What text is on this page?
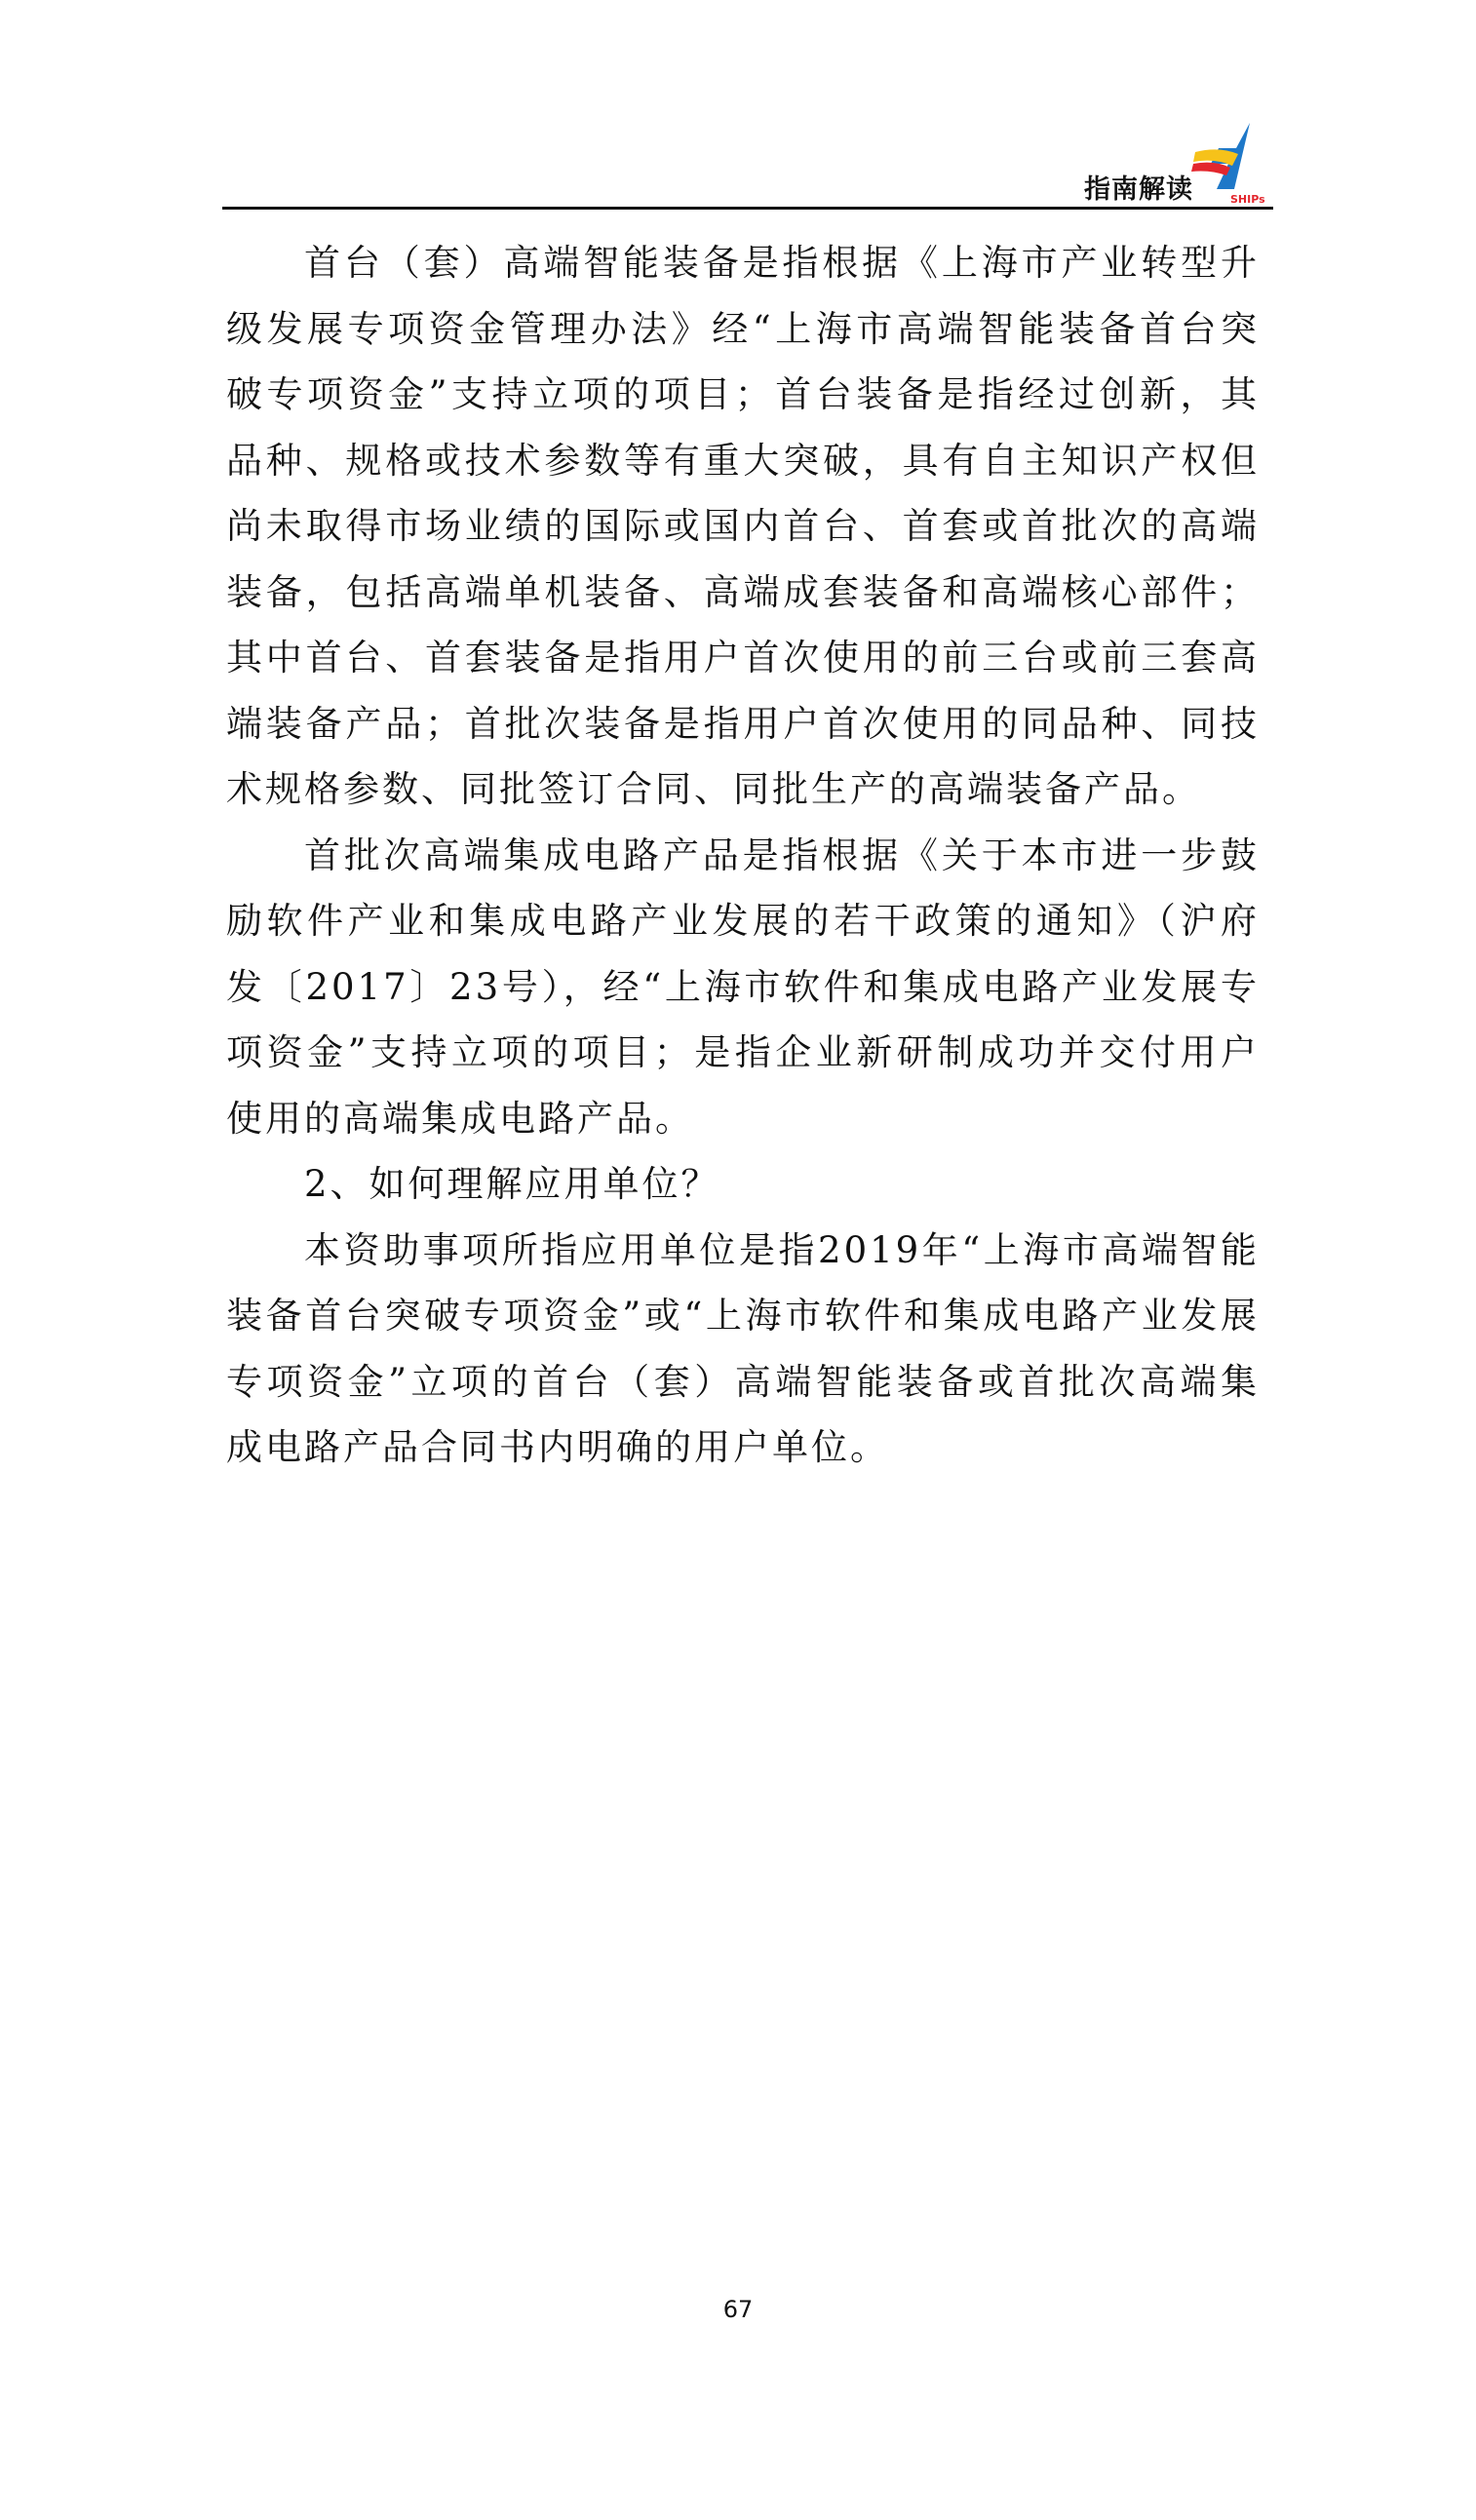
指南解读	SHIPs

首台（套）高端智能装备是指根据《上海市产业转型升级发展专项资金管理办法》经“上海市高端智能装备首台突破专项资金”支持立项的项目；首台装备是指经过创新，其品种、规格或技术参数等有重大突破，具有自主知识产权但尚未取得市场业绩的国际或国内首台、首套或首批次的高端装备，包括高端单机装备、高端成套装备和高端核心部件；其中首台、首套装备是指用户首次使用的前三台或前三套高端装备产品；首批次装备是指用户首次使用的同品种、同技术规格参数、同批签订合同、同批生产的高端装备产品。

首批次高端集成电路产品是指根据《关于本市进一步鼓励软件产业和集成电路产业发展的若干政策的通知》（沪府发〔2017〕23号），经“上海市软件和集成电路产业发展专项资金”支持立项的项目；是指企业新研制成功并交付用户使用的高端集成电路产品。

2、如何理解应用单位？

本资助事项所指应用单位是指2019年“上海市高端智能装备首台突破专项资金”或“上海市软件和集成电路产业发展专项资金”立项的首台（套）高端智能装备或首批次高端集成电路产品合同书内明确的用户单位。

67
